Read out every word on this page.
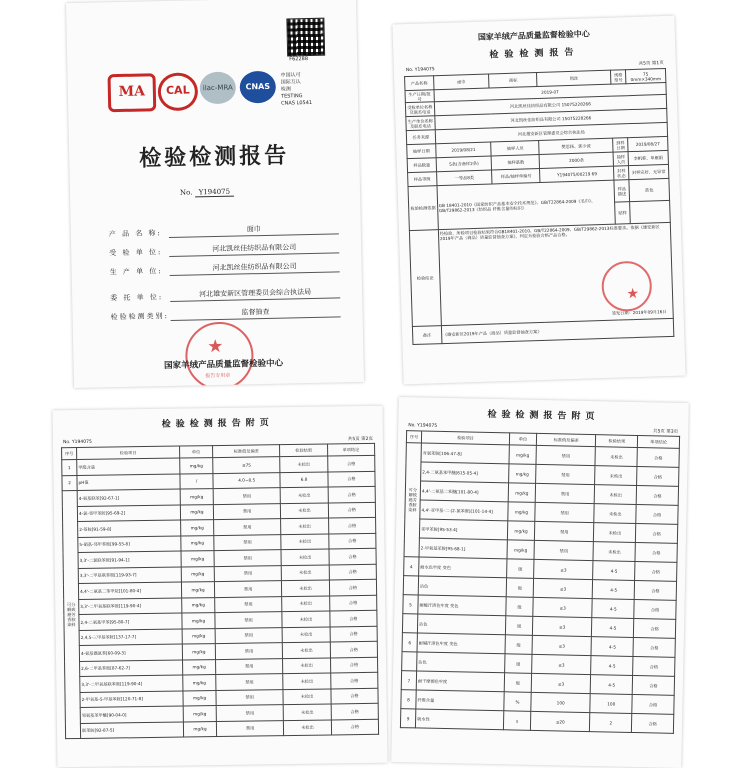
F62288
MA	CAL	ilac-MRA	CNAS
中国认可
国际互认
检测
TESTING
CNAS L0541
检验检测报告
No. Y194075
产 品 名 称:	面巾
受 检 单 位:	河北凯丝佳纺织品有限公司
生 产 单 位:	河北凯丝佳纺织品有限公司
委 托 单 位:	河北雄安新区管理委员会综合执法局
检验检测类别:	监督抽查
★
报告专用章
国家羊绒产品质量监督检验中心
国家羊绒产品质量监督检验中心
检验检测报告
No. Y194075
共5页 第1页
产品名称	面巾	商标	凯丝	规格型号	75 0mm×340mm
生产日期/批号	2019-07				
受检单位名称及联系电话	河北凯丝佳纺织品有限公司 15075228266				
生产单位名称及联系电话	河北凯丝佳纺织品有限公司 15075228266				
任务来源	河北雄安新区管理委员会综合执法局				
抽样日期	2019/08/21	抽样人员	樊思扬、郭少波	到样日期	2019/08/27
样品数量	5条(含备样2条)	抽样基数	2000条	抽样人员	李帆蓉、单雁娟
样品等级	一等品8类	样品/抽样单编号	Y194075/00219 69	封样状态	封样完好、无异常
检验检测依据	GB 18401-2010《国家纺织产品基本安全技术规范》、GB/T22864-2009《毛巾》、GB/T29862-2013《纺织品 纤维含量的标识》			样品描述	蓝色
				贴样	
检验结论	经检验，所检项目检验结果符合GB18401-2010、GB/T22864-2009、GB/T29862-2013标准要求。依据《雄安新区2019年产品（商品）质量监督抽查方案》，判定为检验合格产品合格。
签发日期：2019年09月16日
★				

备注	《雄安新区2019年产品（商品）质量监督抽查方案》				
检验检测报告附页
No. Y194075
共5页 第2页
序号	检验项目	单位	标准值及偏差	检验结果	单项结论
1	甲醛含量	mg/kg	≤75	未检出	合格
2	pH值	/	4.0~8.5	6.8	合格
可分解致癌芳香胺染料	4-氨基联苯[92-67-1]	mg/kg	禁用	未检出	合格
	4-氯-邻甲苯胺[95-69-2]	mg/kg	禁用	未检出	合格
	2-萘胺[91-59-8]	mg/kg	禁用	未检出	合格
	5-硝基-邻甲苯胺[99-55-8]	mg/kg	禁用	未检出	合格
	3,3'-二氯联苯胺[91-94-1]	mg/kg	禁用	未检出	合格
	3,3'-二甲基联苯胺[119-93-7]	mg/kg	禁用	未检出	合格
	4,4'-二氨基二苯甲烷[101-80-4]	mg/kg	禁用	未检出	合格
	3,3'-二甲氧基联苯胺[119-90-4]	mg/kg	禁用	未检出	合格
	2,4-二氨基甲苯[95-80-7]	mg/kg	禁用	未检出	合格
	2,4,5-三甲基苯胺[137-17-7]	mg/kg	禁用	未检出	合格
	4-氨基偶氮苯[60-09-3]	mg/kg	禁用	未检出	合格
	2,6-二甲基苯胺[87-62-7]	mg/kg	禁用	未检出	合格
	3,3'-二甲氧基联苯胺[119-90-4]	mg/kg	禁用	未检出	合格
	2-甲氧基-5-甲基苯胺[120-71-8]	mg/kg	禁用	未检出	合格
	邻氨基苯甲醚[90-04-0]	mg/kg	禁用	未检出	合格
	联苯胺[92-87-5]	mg/kg	禁用	未检出	合格
检验检测报告附页
No. Y194075
共5页 第3页
序号	检验项目	单位	标准值及偏差	检验结果	单项结论
可分解致癌芳香胺染料	对氯苯胺[106-47-8]	mg/kg	禁用	未检出	合格
	2,4-二氨基苯甲醚[615-05-4]	mg/kg	禁用	未检出	合格
	4,4'-二氨基二苯醚[101-80-4]	mg/kg	禁用	未检出	合格
	4,4'-亚甲基-二-(2-氯苯胺)[101-14-4]	mg/kg	禁用	未检出	合格
	邻甲苯胺[95-53-4]	mg/kg	禁用	未检出	合格
	2-甲氧基苯胺[95-68-1]	mg/kg	禁用	未检出	合格
4	耐水色牢度 变色	级	≥3	4-5	合格
	沾色	级	≥3	4-5	合格
5	耐酸汗渍色牢度 变色	级	≥3	4-5	合格
	沾色	级	≥3	4-5	合格
6	耐碱汗渍色牢度 变色	级	≥3	4-5	合格
	沾色	级	≥3	4-5	合格
7	耐干摩擦色牢度	级	≥3	4-5	合格
8	纤维含量	%	100	100	合格
9	吸水性	s	≤20	2	合格
